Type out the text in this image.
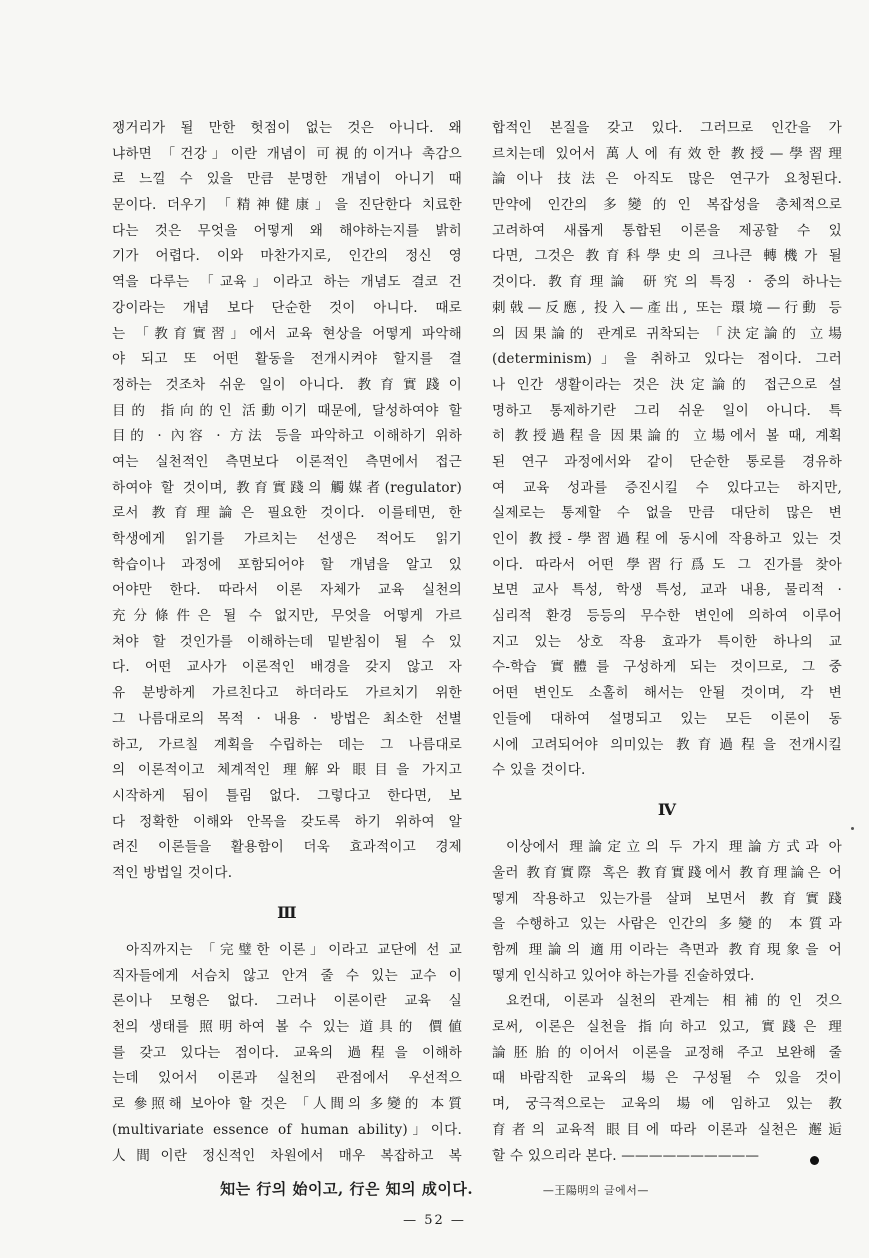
쟁거리가 될 만한 헛점이 없는 것은 아니다. 왜
냐하면 「건강」이란 개념이 可視的이거나 촉감으
로 느낄 수 있을 만큼 분명한 개념이 아니기 때
문이다. 더우기 「精神健康」을 진단한다 치료한
다는 것은 무엇을 어떻게 왜 해야하는지를 밝히
기가 어렵다. 이와 마찬가지로, 인간의 정신 영
역을 다루는 「교육」이라고 하는 개념도 결코 건
강이라는 개념 보다 단순한 것이 아니다. 때로
는 「教育實習」에서 교육 현상을 어떻게 파악해
야 되고 또 어떤 활동을 전개시켜야 할지를 결
정하는 것조차 쉬운 일이 아니다. 教育實踐이
目的 指向的인 活動이기 때문에, 달성하여야 할
目的 · 內容 · 方法 등을 파악하고 이해하기 위하
여는 실천적인 측면보다 이론적인 측면에서 접근
하여야 할 것이며, 教育實踐의 觸媒者(regulator)
로서 教育理論은 필요한 것이다. 이를테면, 한
학생에게 읽기를 가르치는 선생은 적어도 읽기
학습이나 과정에 포함되어야 할 개념을 알고 있
어야만 한다. 따라서 이론 자체가 교육 실천의
充分條件은 될 수 없지만, 무엇을 어떻게 가르
쳐야 할 것인가를 이해하는데 밑받침이 될 수 있
다. 어떤 교사가 이론적인 배경을 갖지 않고 자
유 분방하게 가르친다고 하더라도 가르치기 위한
그 나름대로의 목적 · 내용 · 방법은 최소한 선별
하고, 가르칠 계획을 수립하는 데는 그 나름대로
의 이론적이고 체계적인 理解와 眼目을 가지고
시작하게 됨이 틀림 없다. 그렇다고 한다면, 보
다 정확한 이해와 안목을 갖도록 하기 위하여 알
려진 이론들을 활용함이 더욱 효과적이고 경제
적인 방법일 것이다.
Ⅲ
아직까지는 「完璧한 이론」이라고 교단에 선 교
직자들에게 서슴치 않고 안겨 줄 수 있는 교수 이
론이나 모형은 없다. 그러나 이론이란 교육 실
천의 생태를 照明하여 볼 수 있는 道具的 價値
를 갖고 있다는 점이다. 교육의 過程을 이해하
는데 있어서 이론과 실천의 관점에서 우선적으
로 參照해 보아야 할 것은 「人間의 多變的 本質
(multivariate essence of human ability)」이다.
人間이란 정신적인 차원에서 매우 복잡하고 복
합적인 본질을 갖고 있다. 그러므로 인간을 가
르치는데 있어서 萬人에 有效한 教授—學習理
論이나 技法은 아직도 많은 연구가 요청된다.
만약에 인간의 多變的인 복잡성을 총체적으로
고려하여 새롭게 통합된 이론을 제공할 수 있
다면, 그것은 教育科學史의 크나큰 轉機가 될
것이다. 教育理論 研究의 특징 · 중의 하나는
刺戟—反應, 投入—產出, 또는 環境—行動 등
의 因果論的 관계로 귀착되는 「決定論的 立場
(determinism)」을 취하고 있다는 점이다. 그러
나 인간 생활이라는 것은 決定論的 접근으로 설
명하고 통제하기란 그리 쉬운 일이 아니다. 특
히 教授過程을 因果論的 立場에서 볼 때, 계획
된 연구 과정에서와 같이 단순한 통로를 경유하
여 교육 성과를 증진시킬 수 있다고는 하지만,
실제로는 통제할 수 없을 만큼 대단히 많은 변
인이 教授-學習過程에 동시에 작용하고 있는 것
이다. 따라서 어떤 學習行爲도 그 진가를 찾아
보면 교사 특성, 학생 특성, 교과 내용, 물리적 ·
심리적 환경 등등의 무수한 변인에 의하여 이루어
지고 있는 상호 작용 효과가 특이한 하나의 교
수-학습 實體를 구성하게 되는 것이므로, 그 중
어떤 변인도 소홀히 해서는 안될 것이며, 각 변
인들에 대하여 설명되고 있는 모든 이론이 동
시에 고려되어야 의미있는 教育過程을 전개시킬
수 있을 것이다.
Ⅳ
이상에서 理論定立의 두 가지 理論方式과 아
울러 教育實際 혹은 教育實踐에서 教育理論은 어
떻게 작용하고 있는가를 살펴 보면서 教育實踐
을 수행하고 있는 사람은 인간의 多變的 本質과
함께 理論의 適用이라는 측면과 教育現象을 어
떻게 인식하고 있어야 하는가를 진술하였다.
요컨대, 이론과 실천의 관계는 相補的인 것으
로써, 이론은 실천을 指向하고 있고, 實踐은 理
論胚胎的이어서 이론을 교정해 주고 보완해 줄
때 바람직한 교육의 場은 구성될 수 있을 것이
며, 궁극적으로는 교육의 場에 임하고 있는 教
育者의 교육적 眼目에 따라 이론과 실천은 邂逅
할 수 있으리라 본다. ——————————
知는 行의 始이고, 行은 知의 成이다.	—王陽明의 글에서—
— 52 —
